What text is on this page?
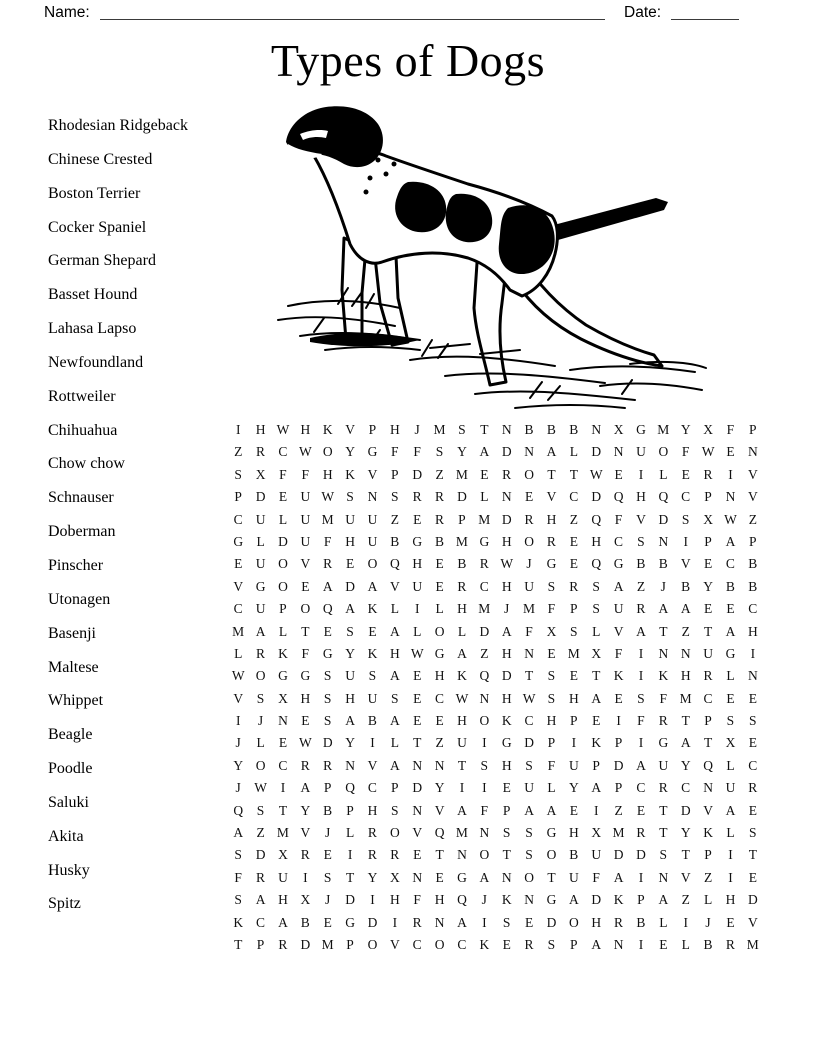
Name:	Date:
Types of Dogs
Rhodesian Ridgeback
Chinese Crested
Boston Terrier
Cocker Spaniel
German Shepard
Basset Hound
Lahasa Lapso
Newfoundland
Rottweiler
Chihuahua
Chow chow
Schnauser
Doberman
Pinscher
Utonagen
Basenji
Maltese
Whippet
Beagle
Poodle
Saluki
Akita
Husky
Spitz
I	H W H K V	P	H	J	M S	T N B B B N X G M Y X	F	P
Z	R C W O Y G	F	F	S	Y A D N A L D N U O	F W E N
S	X	F	F	H K V	P	D Z M E	R O T	T W E	I	L	E	R	I	V
P	D E U W S	N	S	R R D L N E V C D Q H Q C	P	N V
C U L U M U U Z	E	R	P M D R H Z Q	F	V D	S	X W Z
G L D U	F	H U B G B M G H O R	E H C	S	N	I	P	A	P
E U O V R	E O Q H E	B R W J	G E Q G B B V E	C B
V G O E A D A V U E	R C H U	S	R	S	A Z	J	B Y B B
C U	P	O Q A K L	I	L H M	J	M F	P	S	U R A A E	E	C
M A L	T	E	S	E A L O L D A	F	X	S	L V A T	Z	T A H
L	R K	F	G Y K H W G A Z H N E M X	F	I	N N U G	I
W O G G	S	U	S	A E H K Q D T	S	E	T K	I	K H R	L N
V	S	X H	S	H U	S	E	C W N H W S	H A E	S	F M C	E	E
I	J	N E	S	A B A E	E H O K C H	P	E	I	F	R	T	P	S	S
J	L	E W D Y	I	L	T	Z U	I	G D	P	I	K	P	I	G A T X E
Y O C R R N V A N N T	S	H	S	F	U	P	D A U Y Q L	C
J W	I	A	P	Q C	P	D Y	I	I	E U L Y A	P	C R C N U R
Q	S	T Y B	P	H	S	N V A	F	P	A A E	I	Z	E	T D V A E
A Z M V	J	L	R O V Q M N	S	S	G H X M R	T Y K L	S
S	D X R	E	I	R R	E	T N O T	S	O B U D D	S	T	P	I	T
F	R U	I	S	T Y X N E G A N O T U	F	A	I	N V Z	I	E
S	A H X	J	D	I	H	F	H Q	J	K N G A D K	P	A Z	L H D
K C A B	E G D	I	R N A	I	S	E D O H R B	L	I	J	E V
T	P	R D M P	O V C O C K E	R	S	P	A N	I	E	L	B R M
